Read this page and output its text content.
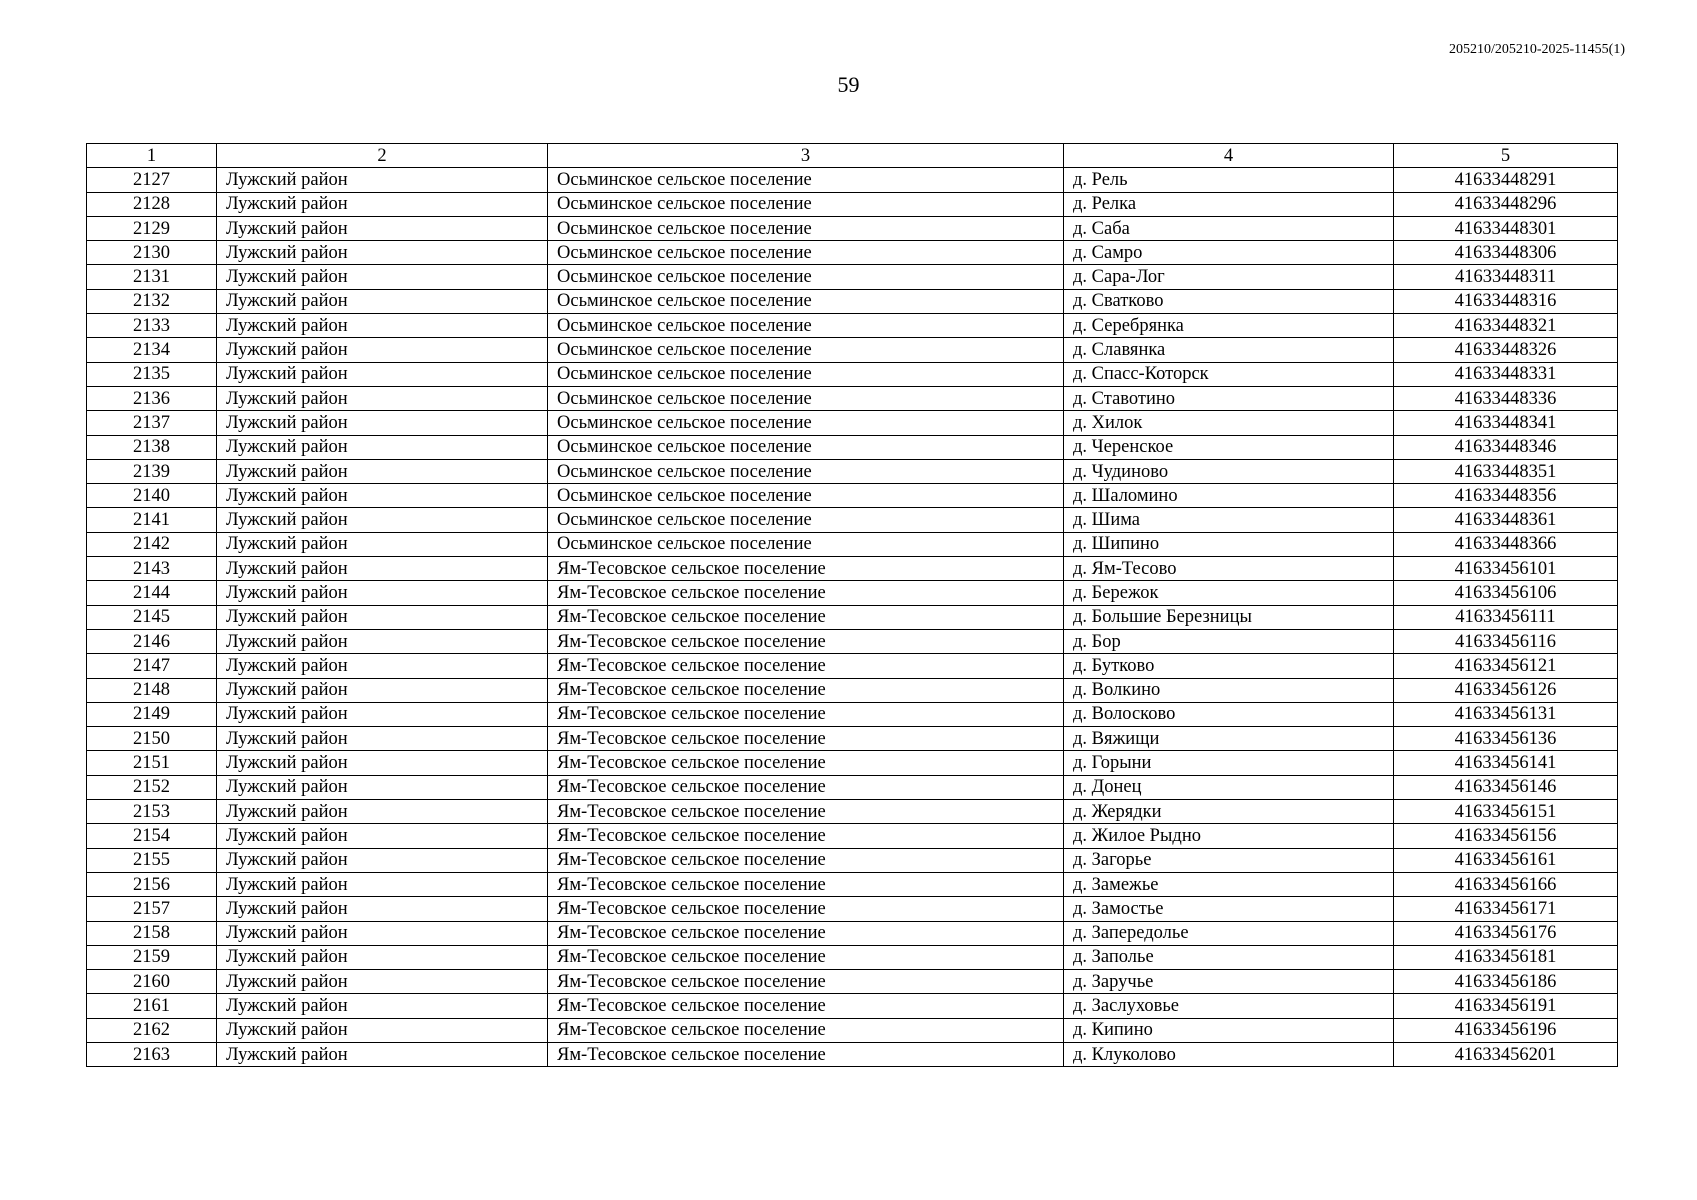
205210/205210-2025-11455(1)
59
1	2	3	4	5
2127	Лужский район	Осьминское сельское поселение	д. Рель	41633448291
2128	Лужский район	Осьминское сельское поселение	д. Релка	41633448296
2129	Лужский район	Осьминское сельское поселение	д. Саба	41633448301
2130	Лужский район	Осьминское сельское поселение	д. Самро	41633448306
2131	Лужский район	Осьминское сельское поселение	д. Сара-Лог	41633448311
2132	Лужский район	Осьминское сельское поселение	д. Сватково	41633448316
2133	Лужский район	Осьминское сельское поселение	д. Серебрянка	41633448321
2134	Лужский район	Осьминское сельское поселение	д. Славянка	41633448326
2135	Лужский район	Осьминское сельское поселение	д. Спасс-Которск	41633448331
2136	Лужский район	Осьминское сельское поселение	д. Ставотино	41633448336
2137	Лужский район	Осьминское сельское поселение	д. Хилок	41633448341
2138	Лужский район	Осьминское сельское поселение	д. Черенское	41633448346
2139	Лужский район	Осьминское сельское поселение	д. Чудиново	41633448351
2140	Лужский район	Осьминское сельское поселение	д. Шаломино	41633448356
2141	Лужский район	Осьминское сельское поселение	д. Шима	41633448361
2142	Лужский район	Осьминское сельское поселение	д. Шипино	41633448366
2143	Лужский район	Ям-Тесовское сельское поселение	д. Ям-Тесово	41633456101
2144	Лужский район	Ям-Тесовское сельское поселение	д. Бережок	41633456106
2145	Лужский район	Ям-Тесовское сельское поселение	д. Большие Березницы	41633456111
2146	Лужский район	Ям-Тесовское сельское поселение	д. Бор	41633456116
2147	Лужский район	Ям-Тесовское сельское поселение	д. Бутково	41633456121
2148	Лужский район	Ям-Тесовское сельское поселение	д. Волкино	41633456126
2149	Лужский район	Ям-Тесовское сельское поселение	д. Волосково	41633456131
2150	Лужский район	Ям-Тесовское сельское поселение	д. Вяжищи	41633456136
2151	Лужский район	Ям-Тесовское сельское поселение	д. Горыни	41633456141
2152	Лужский район	Ям-Тесовское сельское поселение	д. Донец	41633456146
2153	Лужский район	Ям-Тесовское сельское поселение	д. Жерядки	41633456151
2154	Лужский район	Ям-Тесовское сельское поселение	д. Жилое Рыдно	41633456156
2155	Лужский район	Ям-Тесовское сельское поселение	д. Загорье	41633456161
2156	Лужский район	Ям-Тесовское сельское поселение	д. Замежье	41633456166
2157	Лужский район	Ям-Тесовское сельское поселение	д. Замостье	41633456171
2158	Лужский район	Ям-Тесовское сельское поселение	д. Запередолье	41633456176
2159	Лужский район	Ям-Тесовское сельское поселение	д. Заполье	41633456181
2160	Лужский район	Ям-Тесовское сельское поселение	д. Заручье	41633456186
2161	Лужский район	Ям-Тесовское сельское поселение	д. Заслуховье	41633456191
2162	Лужский район	Ям-Тесовское сельское поселение	д. Кипино	41633456196
2163	Лужский район	Ям-Тесовское сельское поселение	д. Клуколово	41633456201
